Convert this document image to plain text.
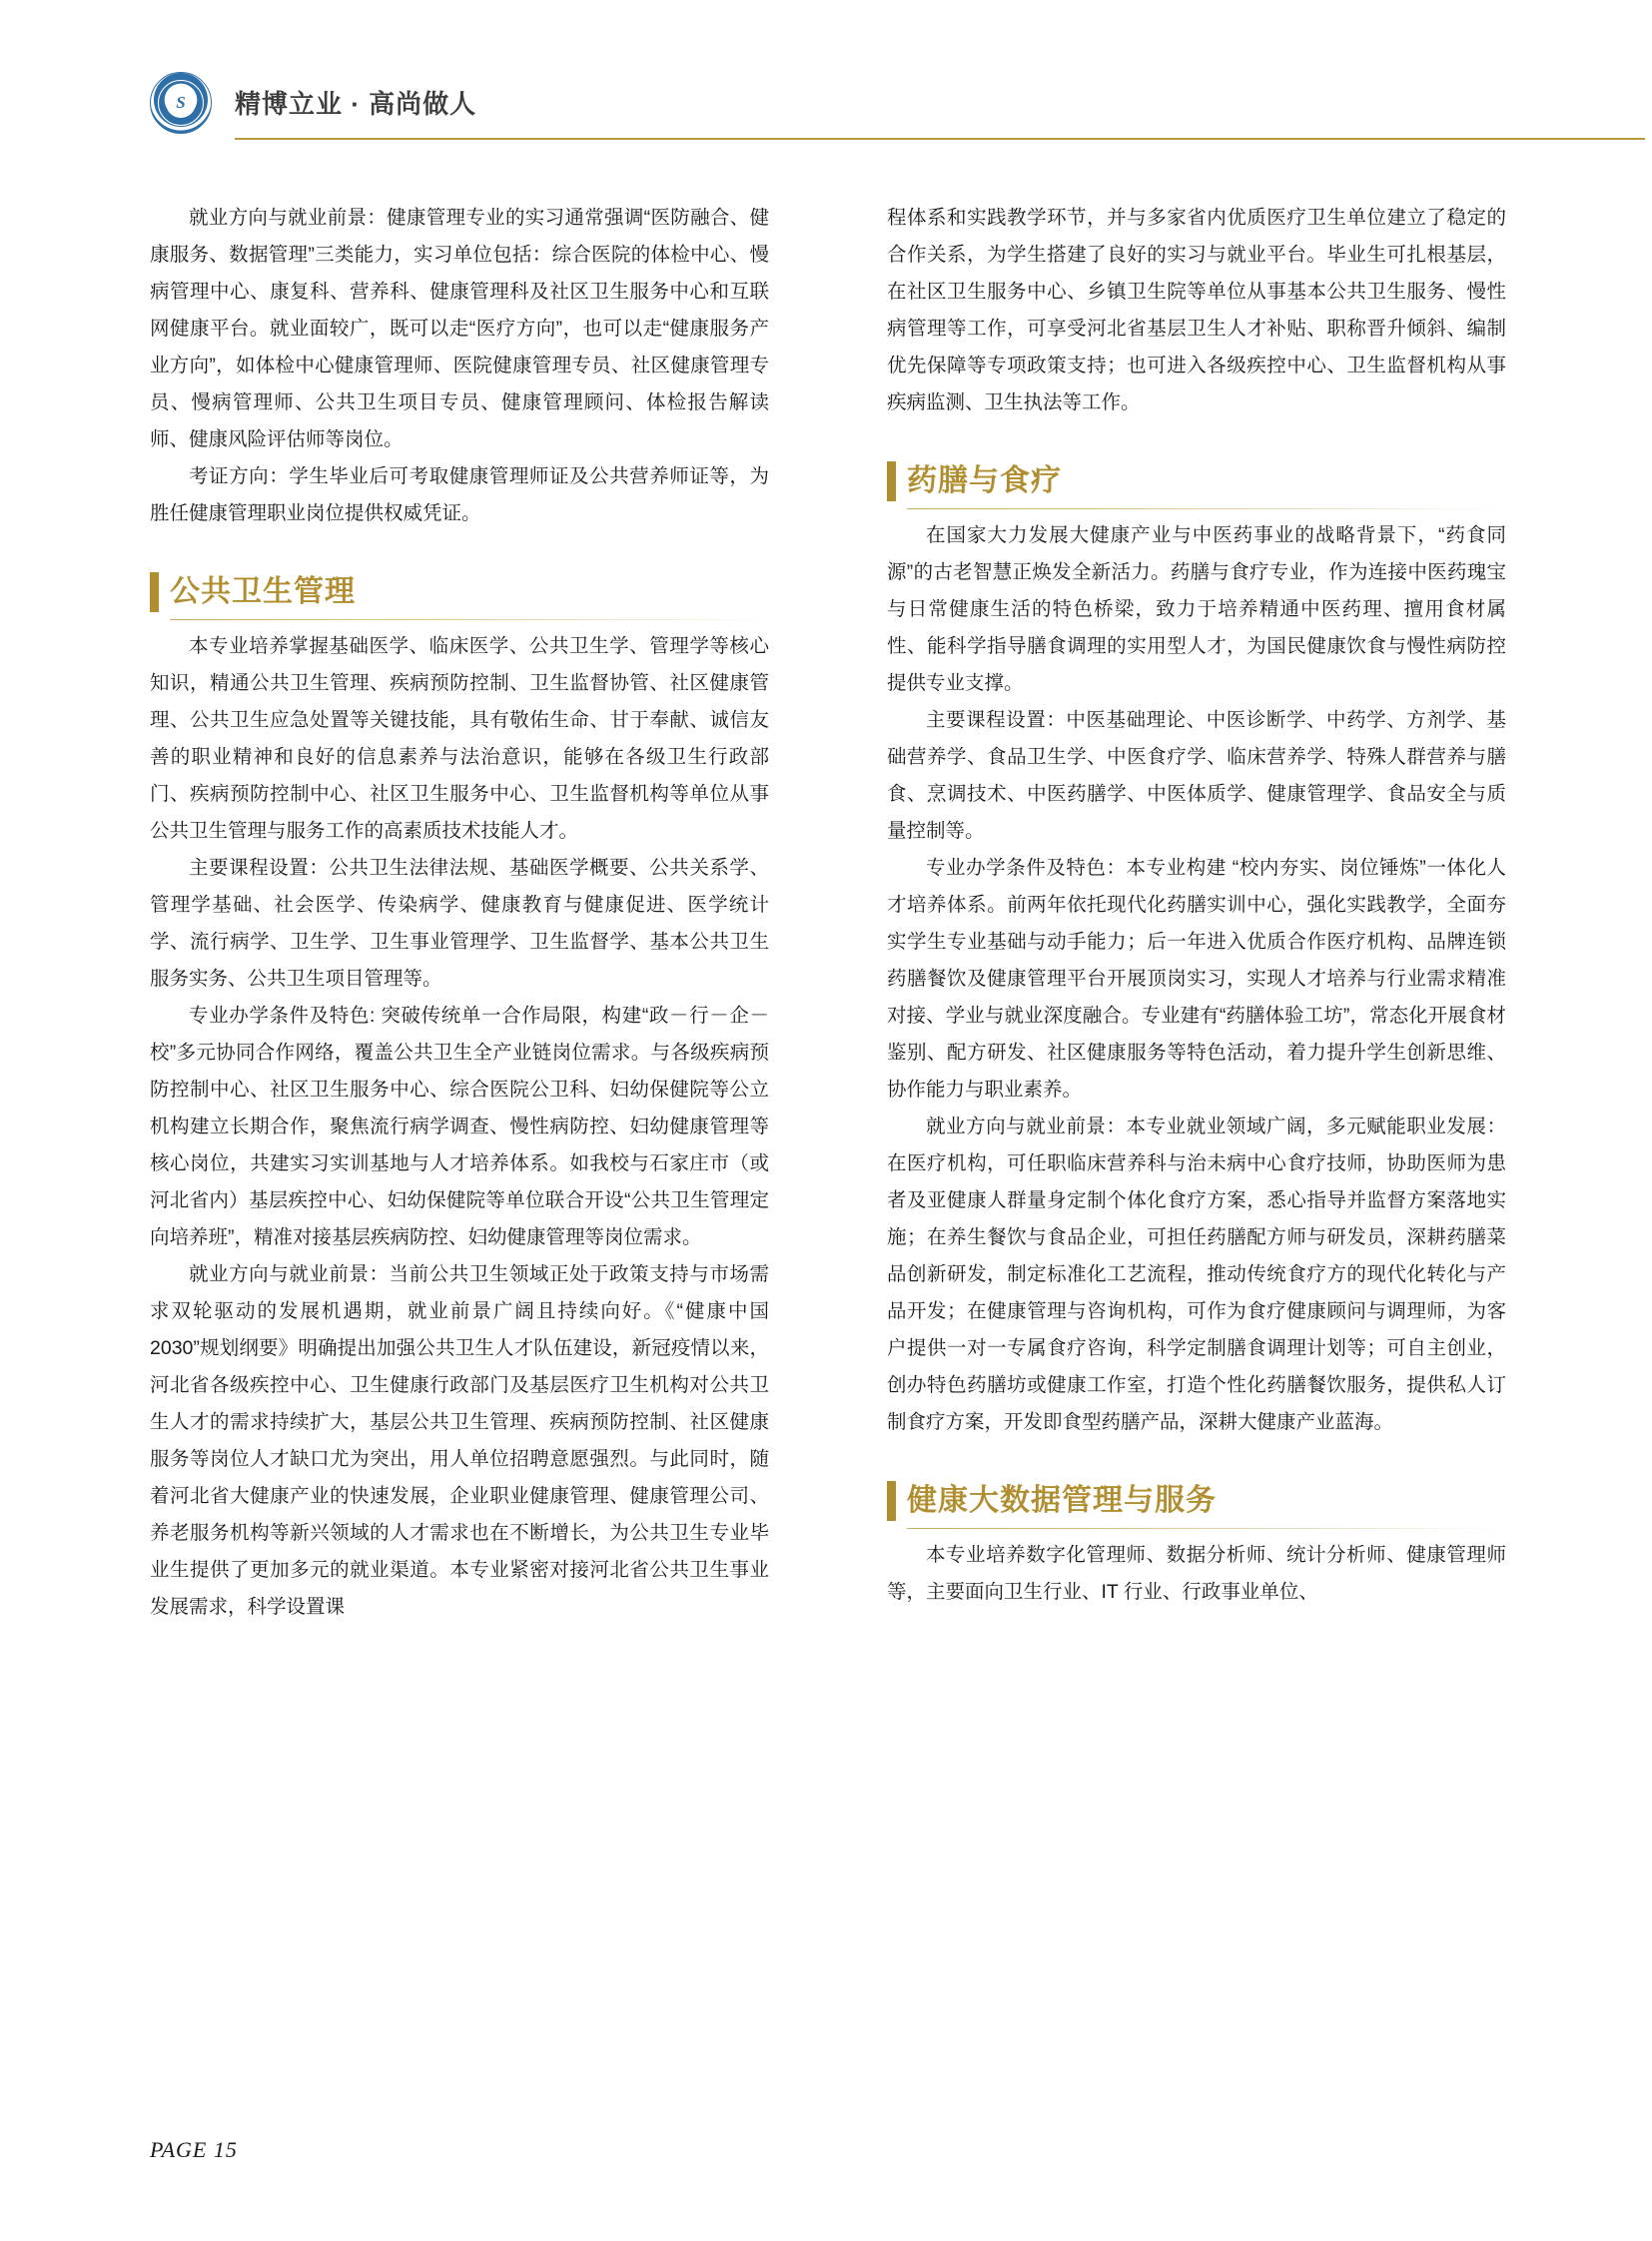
S	精博立业 · 高尚做人

就业方向与就业前景：健康管理专业的实习通常强调“医防融合、健康服务、数据管理”三类能力，实习单位包括：综合医院的体检中心、慢病管理中心、康复科、营养科、健康管理科及社区卫生服务中心和互联网健康平台。就业面较广，既可以走“医疗方向”，也可以走“健康服务产业方向”，如体检中心健康管理师、医院健康管理专员、社区健康管理专员、慢病管理师、公共卫生项目专员、健康管理顾问、体检报告解读师、健康风险评估师等岗位。

考证方向：学生毕业后可考取健康管理师证及公共营养师证等，为胜任健康管理职业岗位提供权威凭证。

公共卫生管理

本专业培养掌握基础医学、临床医学、公共卫生学、管理学等核心知识，精通公共卫生管理、疾病预防控制、卫生监督协管、社区健康管理、公共卫生应急处置等关键技能，具有敬佑生命、甘于奉献、诚信友善的职业精神和良好的信息素养与法治意识，能够在各级卫生行政部门、疾病预防控制中心、社区卫生服务中心、卫生监督机构等单位从事公共卫生管理与服务工作的高素质技术技能人才。

主要课程设置：公共卫生法律法规、基础医学概要、公共关系学、管理学基础、社会医学、传染病学、健康教育与健康促进、医学统计学、流行病学、卫生学、卫生事业管理学、卫生监督学、基本公共卫生服务实务、公共卫生项目管理等。

专业办学条件及特色: 突破传统单一合作局限，构建“政－行－企－校”多元协同合作网络，覆盖公共卫生全产业链岗位需求。与各级疾病预防控制中心、社区卫生服务中心、综合医院公卫科、妇幼保健院等公立机构建立长期合作，聚焦流行病学调查、慢性病防控、妇幼健康管理等核心岗位，共建实习实训基地与人才培养体系。如我校与石家庄市（或河北省内）基层疾控中心、妇幼保健院等单位联合开设“公共卫生管理定向培养班”，精准对接基层疾病防控、妇幼健康管理等岗位需求。

就业方向与就业前景：当前公共卫生领域正处于政策支持与市场需求双轮驱动的发展机遇期，就业前景广阔且持续向好。《“健康中国 2030”规划纲要》明确提出加强公共卫生人才队伍建设，新冠疫情以来，河北省各级疾控中心、卫生健康行政部门及基层医疗卫生机构对公共卫生人才的需求持续扩大，基层公共卫生管理、疾病预防控制、社区健康服务等岗位人才缺口尤为突出，用人单位招聘意愿强烈。与此同时，随着河北省大健康产业的快速发展，企业职业健康管理、健康管理公司、养老服务机构等新兴领域的人才需求也在不断增长，为公共卫生专业毕业生提供了更加多元的就业渠道。本专业紧密对接河北省公共卫生事业发展需求，科学设置课

程体系和实践教学环节，并与多家省内优质医疗卫生单位建立了稳定的合作关系，为学生搭建了良好的实习与就业平台。毕业生可扎根基层，在社区卫生服务中心、乡镇卫生院等单位从事基本公共卫生服务、慢性病管理等工作，可享受河北省基层卫生人才补贴、职称晋升倾斜、编制优先保障等专项政策支持；也可进入各级疾控中心、卫生监督机构从事疾病监测、卫生执法等工作。

药膳与食疗

在国家大力发展大健康产业与中医药事业的战略背景下，“药食同源”的古老智慧正焕发全新活力。药膳与食疗专业，作为连接中医药瑰宝与日常健康生活的特色桥梁，致力于培养精通中医药理、擅用食材属性、能科学指导膳食调理的实用型人才，为国民健康饮食与慢性病防控提供专业支撑。

主要课程设置：中医基础理论、中医诊断学、中药学、方剂学、基础营养学、食品卫生学、中医食疗学、临床营养学、特殊人群营养与膳食、烹调技术、中医药膳学、中医体质学、健康管理学、食品安全与质量控制等。

专业办学条件及特色：本专业构建 “校内夯实、岗位锤炼”一体化人才培养体系。前两年依托现代化药膳实训中心，强化实践教学，全面夯实学生专业基础与动手能力；后一年进入优质合作医疗机构、品牌连锁药膳餐饮及健康管理平台开展顶岗实习，实现人才培养与行业需求精准对接、学业与就业深度融合。专业建有“药膳体验工坊”，常态化开展食材鉴别、配方研发、社区健康服务等特色活动，着力提升学生创新思维、协作能力与职业素养。

就业方向与就业前景：本专业就业领域广阔，多元赋能职业发展：在医疗机构，可任职临床营养科与治未病中心食疗技师，协助医师为患者及亚健康人群量身定制个体化食疗方案，悉心指导并监督方案落地实施；在养生餐饮与食品企业，可担任药膳配方师与研发员，深耕药膳菜品创新研发，制定标准化工艺流程，推动传统食疗方的现代化转化与产品开发；在健康管理与咨询机构，可作为食疗健康顾问与调理师，为客户提供一对一专属食疗咨询，科学定制膳食调理计划等；可自主创业，创办特色药膳坊或健康工作室，打造个性化药膳餐饮服务，提供私人订制食疗方案，开发即食型药膳产品，深耕大健康产业蓝海。

健康大数据管理与服务

本专业培养数字化管理师、数据分析师、统计分析师、健康管理师等，主要面向卫生行业、IT 行业、行政事业单位、

PAGE 15
